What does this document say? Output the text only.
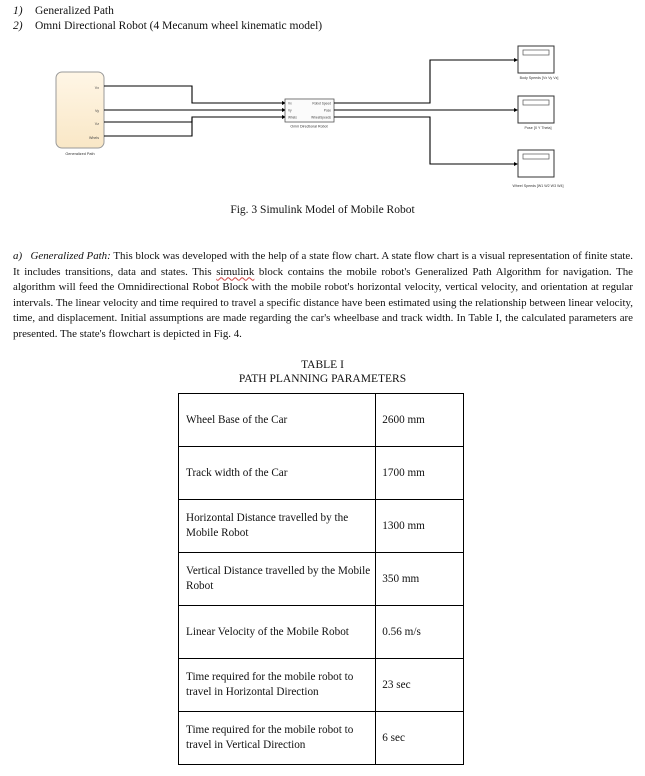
1) Generalized Path
2) Omni Directional Robot (4 Mecanum wheel kinematic model)
Vx
Vy
Vz
Whels
Generalized Path
Vx
Vy
Whels
Robot Speed
Pose
WheelSpeeds
Omni Directional Robot
Body Speeds [Vx Vy Vz]
Pose [X Y Theta]
Wheel Speeds [W1 W2 W3 W4]
Fig. 3 Simulink Model of Mobile Robot
a) Generalized Path: This block was developed with the help of a state flow chart. A state flow chart is a visual representation of finite state. It includes transitions, data and states. This simulink block contains the mobile robot's Generalized Path Algorithm for navigation. The algorithm will feed the Omnidirectional Robot Block with the mobile robot's horizontal velocity, vertical velocity, and orientation at regular intervals. The linear velocity and time required to travel a specific distance have been estimated using the relationship between linear velocity, time, and displacement. Initial assumptions are made regarding the car's wheelbase and track width. In Table I, the calculated parameters are presented. The state's flowchart is depicted in Fig. 4.
TABLE I
PATH PLANNING PARAMETERS
Wheel Base of the Car	2600 mm
Track width of the Car	1700 mm
Horizontal Distance travelled by the Mobile Robot	1300 mm
Vertical Distance travelled by the Mobile Robot	350 mm
Linear Velocity of the Mobile Robot	0.56 m/s
Time required for the mobile robot to travel in Horizontal Direction	23 sec
Time required for the mobile robot to travel in Vertical Direction	6 sec
